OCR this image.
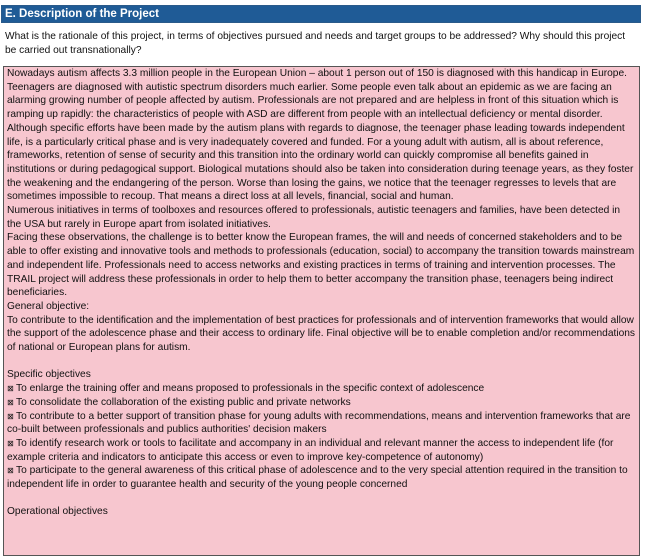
E. Description of the Project
What is the rationale of this project, in terms of objectives pursued and needs and target groups to be addressed? Why should this project be carried out transnationally?

Nowadays autism affects 3.3 million people in the European Union – about 1 person out of 150 is diagnosed with this handicap in Europe. Teenagers are diagnosed with autistic spectrum disorders much earlier. Some people even talk about an epidemic as we are facing an alarming growing number of people affected by autism. Professionals are not prepared and are helpless in front of this situation which is ramping up rapidly: the characteristics of people with ASD are different from people with an intellectual deficiency or mental disorder.

Although specific efforts have been made by the autism plans with regards to diagnose, the teenager phase leading towards independent life, is a particularly critical phase and is very inadequately covered and funded. For a young adult with autism, all is about reference, frameworks, retention of sense of security and this transition into the ordinary world can quickly compromise all benefits gained in institutions or during pedagogical support. Biological mutations should also be taken into consideration during teenage years, as they foster the weakening and the endangering of the person. Worse than losing the gains, we notice that the teenager regresses to levels that are sometimes impossible to recoup. That means a direct loss at all levels, financial, social and human.

Numerous initiatives in terms of toolboxes and resources offered to professionals, autistic teenagers and families, have been detected in the USA but rarely in Europe apart from isolated initiatives.

Facing these observations, the challenge is to better know the European frames, the will and needs of concerned stakeholders and to be able to offer existing and innovative tools and methods to professionals (education, social) to accompany the transition towards mainstream and independent life. Professionals need to access networks and existing practices in terms of training and intervention processes. The TRAIL project will address these professionals in order to help them to better accompany the transition phase, teenagers being indirect beneficiaries.

General objective:

To contribute to the identification and the implementation of best practices for professionals and of intervention frameworks that would allow the support of the adolescence phase and their access to ordinary life. Final objective will be to enable completion and/or recommendations of national or European plans for autism.

Specific objectives

⊠ To enlarge the training offer and means proposed to professionals in the specific context of adolescence

⊠ To consolidate the collaboration of the existing public and private networks

⊠ To contribute to a better support of transition phase for young adults with recommendations, means and intervention frameworks that are co-built between professionals and publics authorities' decision makers

⊠ To identify research work or tools to facilitate and accompany in an individual and relevant manner the access to independent life (for example criteria and indicators to anticipate this access or even to improve key-competence of autonomy)

⊠ To participate to the general awareness of this critical phase of adolescence and to the very special attention required in the transition to independent life in order to guarantee health and security of the young people concerned

Operational objectives
